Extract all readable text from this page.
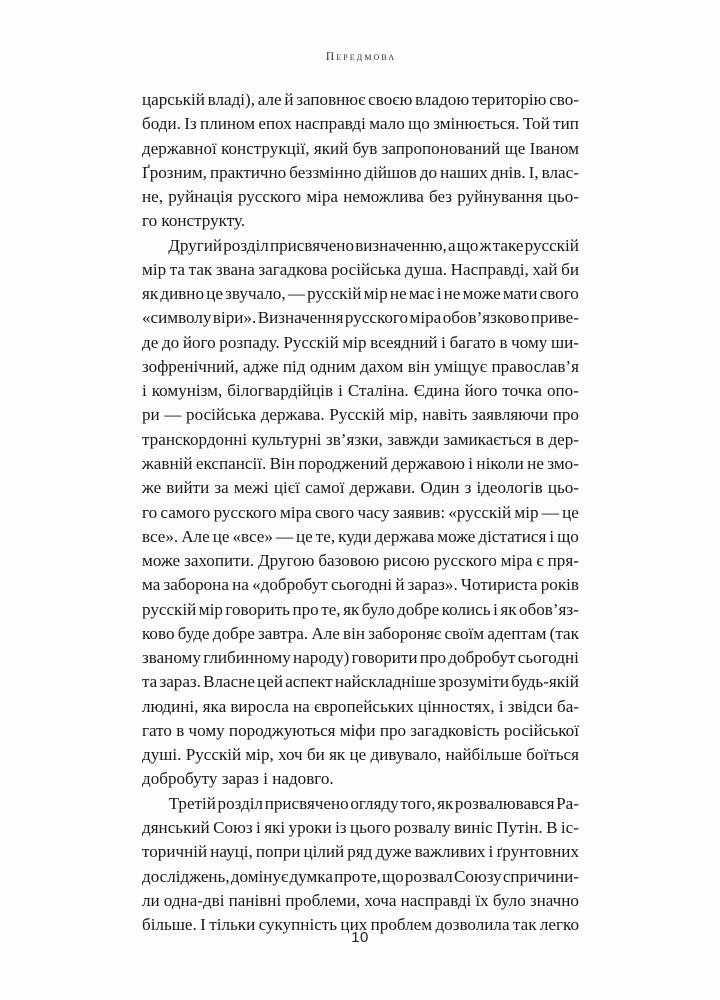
Передмова
царській владі), але й заповнює своєю владою територію сво-
боди. Із плином епох насправді мало що змінюється. Той тип
державної конструкції, який був запропонований ще Іваном
Ґрозним, практично беззмінно дійшов до наших днів. І, влас-
не, руйнація русского міра неможлива без руйнування цьо-
го конструкту.
Другий розділ присвячено визначенню, а що ж таке русскій
мір та так звана загадкова російська душа. Насправді, хай би
як дивно це звучало, — русскій мір не має і не може мати свого
«символу віри». Визначення русского міра обов’язково приве-
де до його розпаду. Русскій мір всеядний і багато в чому ши-
зофренічний, адже під одним дахом він уміщує православ’я
і комунізм, білогвардійців і Сталіна. Єдина його точка опо-
ри — російська держава. Русскій мір, навіть заявляючи про
транскордонні культурні зв’язки, завжди замикається в дер-
жавній експансії. Він породжений державою і ніколи не змо-
же вийти за межі цієї самої держави. Один з ідеологів цьо-
го самого русского міра свого часу заявив: «русскій мір — це
все». Але це «все» — це те, куди держава може дістатися і що
може захопити. Другою базовою рисою русского міра є пря-
ма заборона на «добробут сьогодні й зараз». Чотириста років
русскій мір говорить про те, як було добре колись і як обов’яз-
ково буде добре завтра. Але він забороняє своїм адептам (так
званому глибинному народу) говорити про добробут сьогодні
та зараз. Власне цей аспект найскладніше зрозуміти будь-якій
людині, яка виросла на європейських цінностях, і звідси ба-
гато в чому породжуються міфи про загадковість російської
душі. Русскій мір, хоч би як це дивувало, найбільше боїться
добробуту зараз і надовго.
Третій розділ присвячено огляду того, як розвалювався Ра-
дянський Союз і які уроки із цього розвалу виніс Путін. В іс-
торичній науці, попри цілий ряд дуже важливих і ґрунтовних
досліджень, домінує думка про те, що розвал Союзу спричини-
ли одна-дві панівні проблеми, хоча насправді їх було значно
більше. І тільки сукупність цих проблем дозволила так легко
10
